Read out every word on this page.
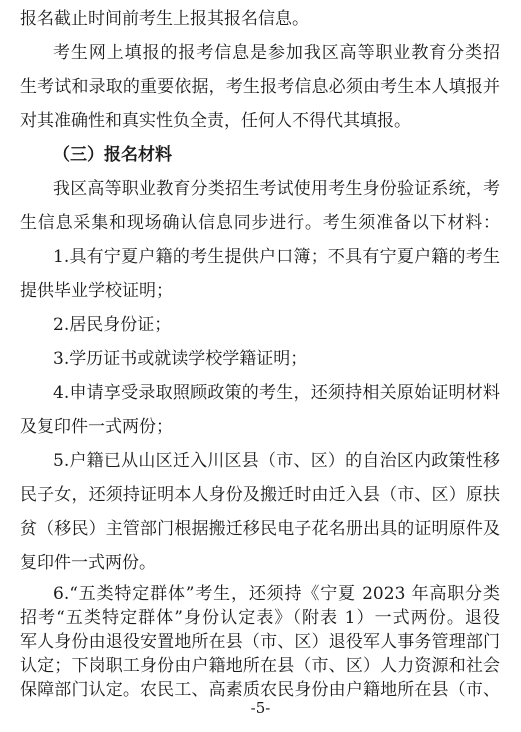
报名截止时间前考生上报其报名信息。
考生网上填报的报考信息是参加我区高等职业教育分类招
生考试和录取的重要依据，考生报考信息必须由考生本人填报并
对其准确性和真实性负全责，任何人不得代其填报。
（三）报名材料
我区高等职业教育分类招生考试使用考生身份验证系统，考
生信息采集和现场确认信息同步进行。考生须准备以下材料：
1.具有宁夏户籍的考生提供户口簿；不具有宁夏户籍的考生
提供毕业学校证明；
2.居民身份证；
3.学历证书或就读学校学籍证明；
4.申请享受录取照顾政策的考生，还须持相关原始证明材料
及复印件一式两份；
5.户籍已从山区迁入川区县（市、区）的自治区内政策性移
民子女，还须持证明本人身份及搬迁时由迁入县（市、区）原扶
贫（移民）主管部门根据搬迁移民电子花名册出具的证明原件及
复印件一式两份。
6.“五类特定群体”考生，还须持《宁夏 2023 年高职分类
招考“五类特定群体”身份认定表》（附表 1）一式两份。退役
军人身份由退役安置地所在县（市、区）退役军人事务管理部门
-5-
认定；下岗职工身份由户籍地所在县（市、区）人力资源和社会
保障部门认定。农民工、高素质农民身份由户籍地所在县（市、
